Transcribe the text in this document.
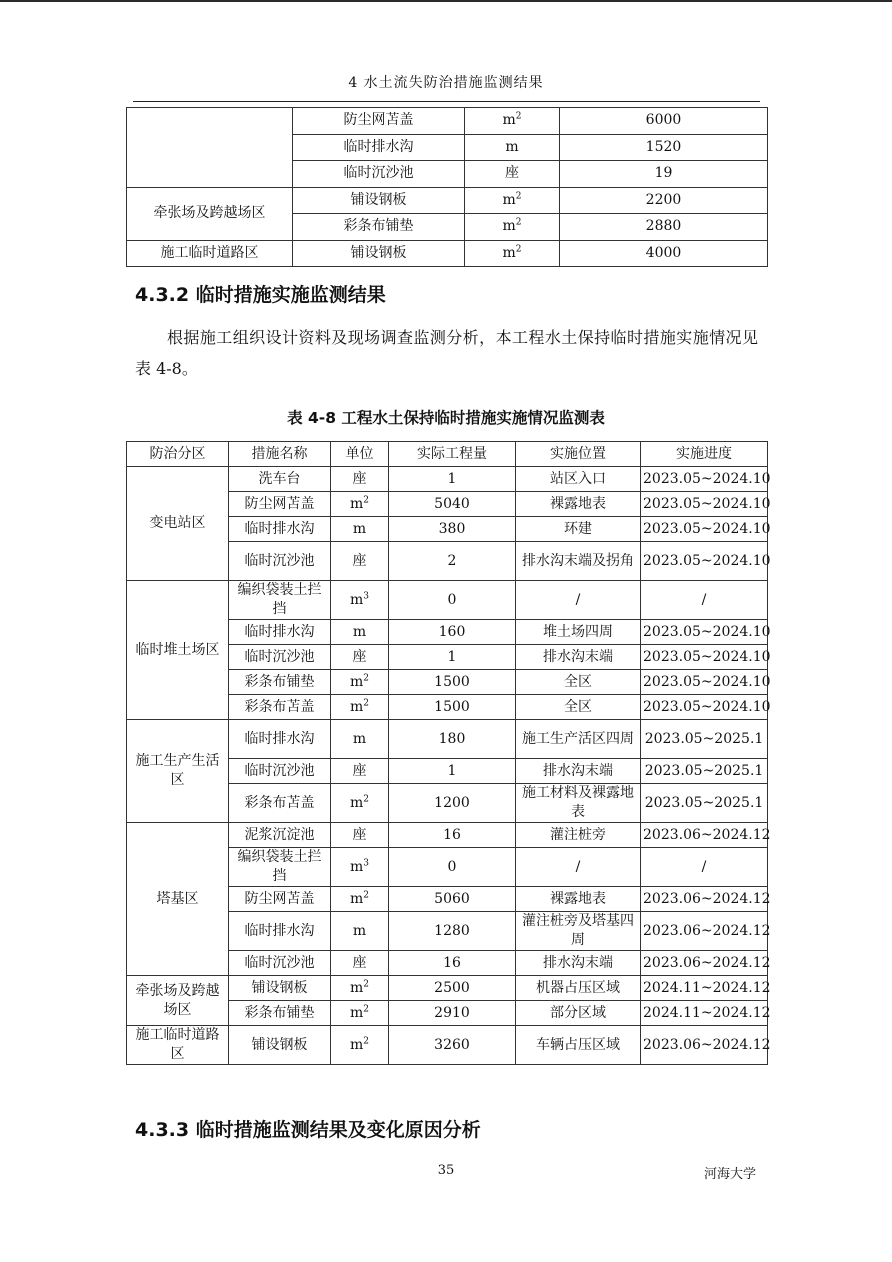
4 水土流失防治措施监测结果
	防尘网苫盖	$m^2$	6000
	临时排水沟	m	1520
	临时沉沙池	座	19
牵张场及跨越场区	铺设钢板	$m^2$	2200
	彩条布铺垫	$m^2$	2880
施工临时道路区	铺设钢板	$m^2$	4000
4.3.2 临时措施实施监测结果
根据施工组织设计资料及现场调查监测分析，本工程水土保持临时措施实施情况见表 4-8。
表 4-8 工程水土保持临时措施实施情况监测表
防治分区	措施名称	单位	实际工程量	实施位置	实施进度
变电站区	洗车台	座	1	站区入口	2023.05~2024.10
	防尘网苫盖	$m^2$	5040	裸露地表	2023.05~2024.10
	临时排水沟	m	380	环建	2023.05~2024.10
	临时沉沙池	座	2	排水沟末端及拐角	2023.05~2024.10
临时堆土场区	编织袋装土拦挡	$m^3$	0	/	/
	临时排水沟	m	160	堆土场四周	2023.05~2024.10
	临时沉沙池	座	1	排水沟末端	2023.05~2024.10
	彩条布铺垫	$m^2$	1500	全区	2023.05~2024.10
	彩条布苫盖	$m^2$	1500	全区	2023.05~2024.10
施工生产生活区	临时排水沟	m	180	施工生产活区四周	2023.05~2025.1
	临时沉沙池	座	1	排水沟末端	2023.05~2025.1
	彩条布苫盖	$m^2$	1200	施工材料及裸露地表	2023.05~2025.1
塔基区	泥浆沉淀池	座	16	灌注桩旁	2023.06~2024.12
	编织袋装土拦挡	$m^3$	0	/	/
	防尘网苫盖	$m^2$	5060	裸露地表	2023.06~2024.12
	临时排水沟	m	1280	灌注桩旁及塔基四周	2023.06~2024.12
	临时沉沙池	座	16	排水沟末端	2023.06~2024.12
牵张场及跨越场区	铺设钢板	$m^2$	2500	机器占压区域	2024.11~2024.12
	彩条布铺垫	$m^2$	2910	部分区域	2024.11~2024.12
施工临时道路区	铺设钢板	$m^2$	3260	车辆占压区域	2023.06~2024.12
4.3.3 临时措施监测结果及变化原因分析
35	河海大学
